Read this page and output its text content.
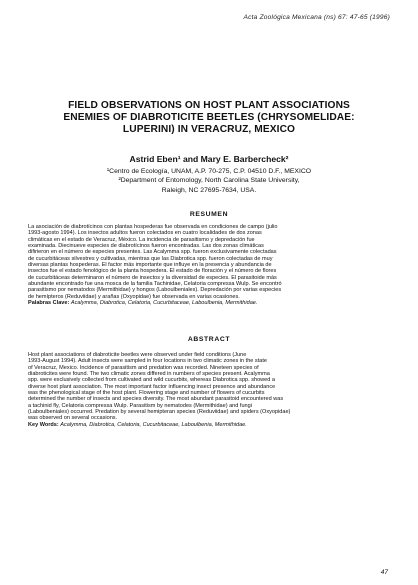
Acta Zoológica Mexicana (ns) 67: 47-65 (1996)
FIELD OBSERVATIONS ON HOST PLANT ASSOCIATIONS
ENEMIES OF DIABROTICITE BEETLES (CHRYSOMELIDAE:
LUPERINI) IN VERACRUZ, MEXICO
Astrid Eben¹ and Mary E. Barbercheck²
¹Centro de Ecología, UNAM, A.P. 70-275, C.P. 04510 D.F., MEXICO
²Department of Entomology, North Carolina State University,
Raleigh, NC 27695-7634, USA.
RESUMEN
La asociación de diabrotícinos con plantas hospederas fue observada en condiciones de campo (julio
1993-agosto 1994). Los insectos adultos fueron colectados en cuatro localidades de dos zonas
climáticas en el estado de Veracruz, México. La incidencia de parasitismo y depredación fue
examinada. Diecinueve especies de diabrotícinos fueron encontradas. Las dos zonas climáticas
difirieron en el número de especies presentes. Las Acalymma spp. fueron exclusivamente colectadas
de cucurbitáceas silvestres y cultivadas, mientras que las Diabrotica spp. fueron colectadas de muy
diversas plantas hospederas. El factor más importante que influye en la presencia y abundancia de
insectos fue el estado fenológico de la planta hospedera. El estado de floración y el número de flores
de cucurbitáceas determinaron el número de insectos y la diversidad de especies. El parasitoide más
abundante encontrado fue una mosca de la familia Tachinidae, Celatoria compressa Wulp. Se encontró
parasitismo por nematodos (Mermithidae) y hongos (Laboulbeniales). Depredación por varias especies
de hemípteros (Reduviidae) y arañas (Oxyopidae) fue observada en varias ocasiones.
Palabras Clave: Acalymma, Diabrotica, Celatoria, Cucurbitaceae, Laboulbenia, Mermithidae.
ABSTRACT
Host plant associations of diabroticite beetles were observed under field conditions (June
1993-August 1994). Adult insects were sampled in four locations in two climatic zones in the state
of Veracruz, Mexico. Incidence of parasitism and predation was recorded. Nineteen species of
diabroticites were found. The two climatic zones differed in numbers of species present. Acalymma
spp. were exclusively collected from cultivated and wild cucurbits, whereas Diabrotica spp. showed a
diverse host plant association. The most important factor influencing insect presence and abundance
was the phenological stage of the host plant. Flowering stage and number of flowers of cucurbits
determined the number of insects and species diversity. The most abundant parasitoid encountered was
a tachinid fly, Celatoria compressa Wulp. Parasitism by nematodes (Mermithidae) and fungi
(Laboulbeniales) occurred. Predation by several hemipteran species (Reduviidae) and spiders (Oxyopidae)
was observed on several occasions.
Key Words: Acalymma, Diabrotica, Celatoria, Cucurbitaceae, Laboulbenia, Mermithidae.
47
